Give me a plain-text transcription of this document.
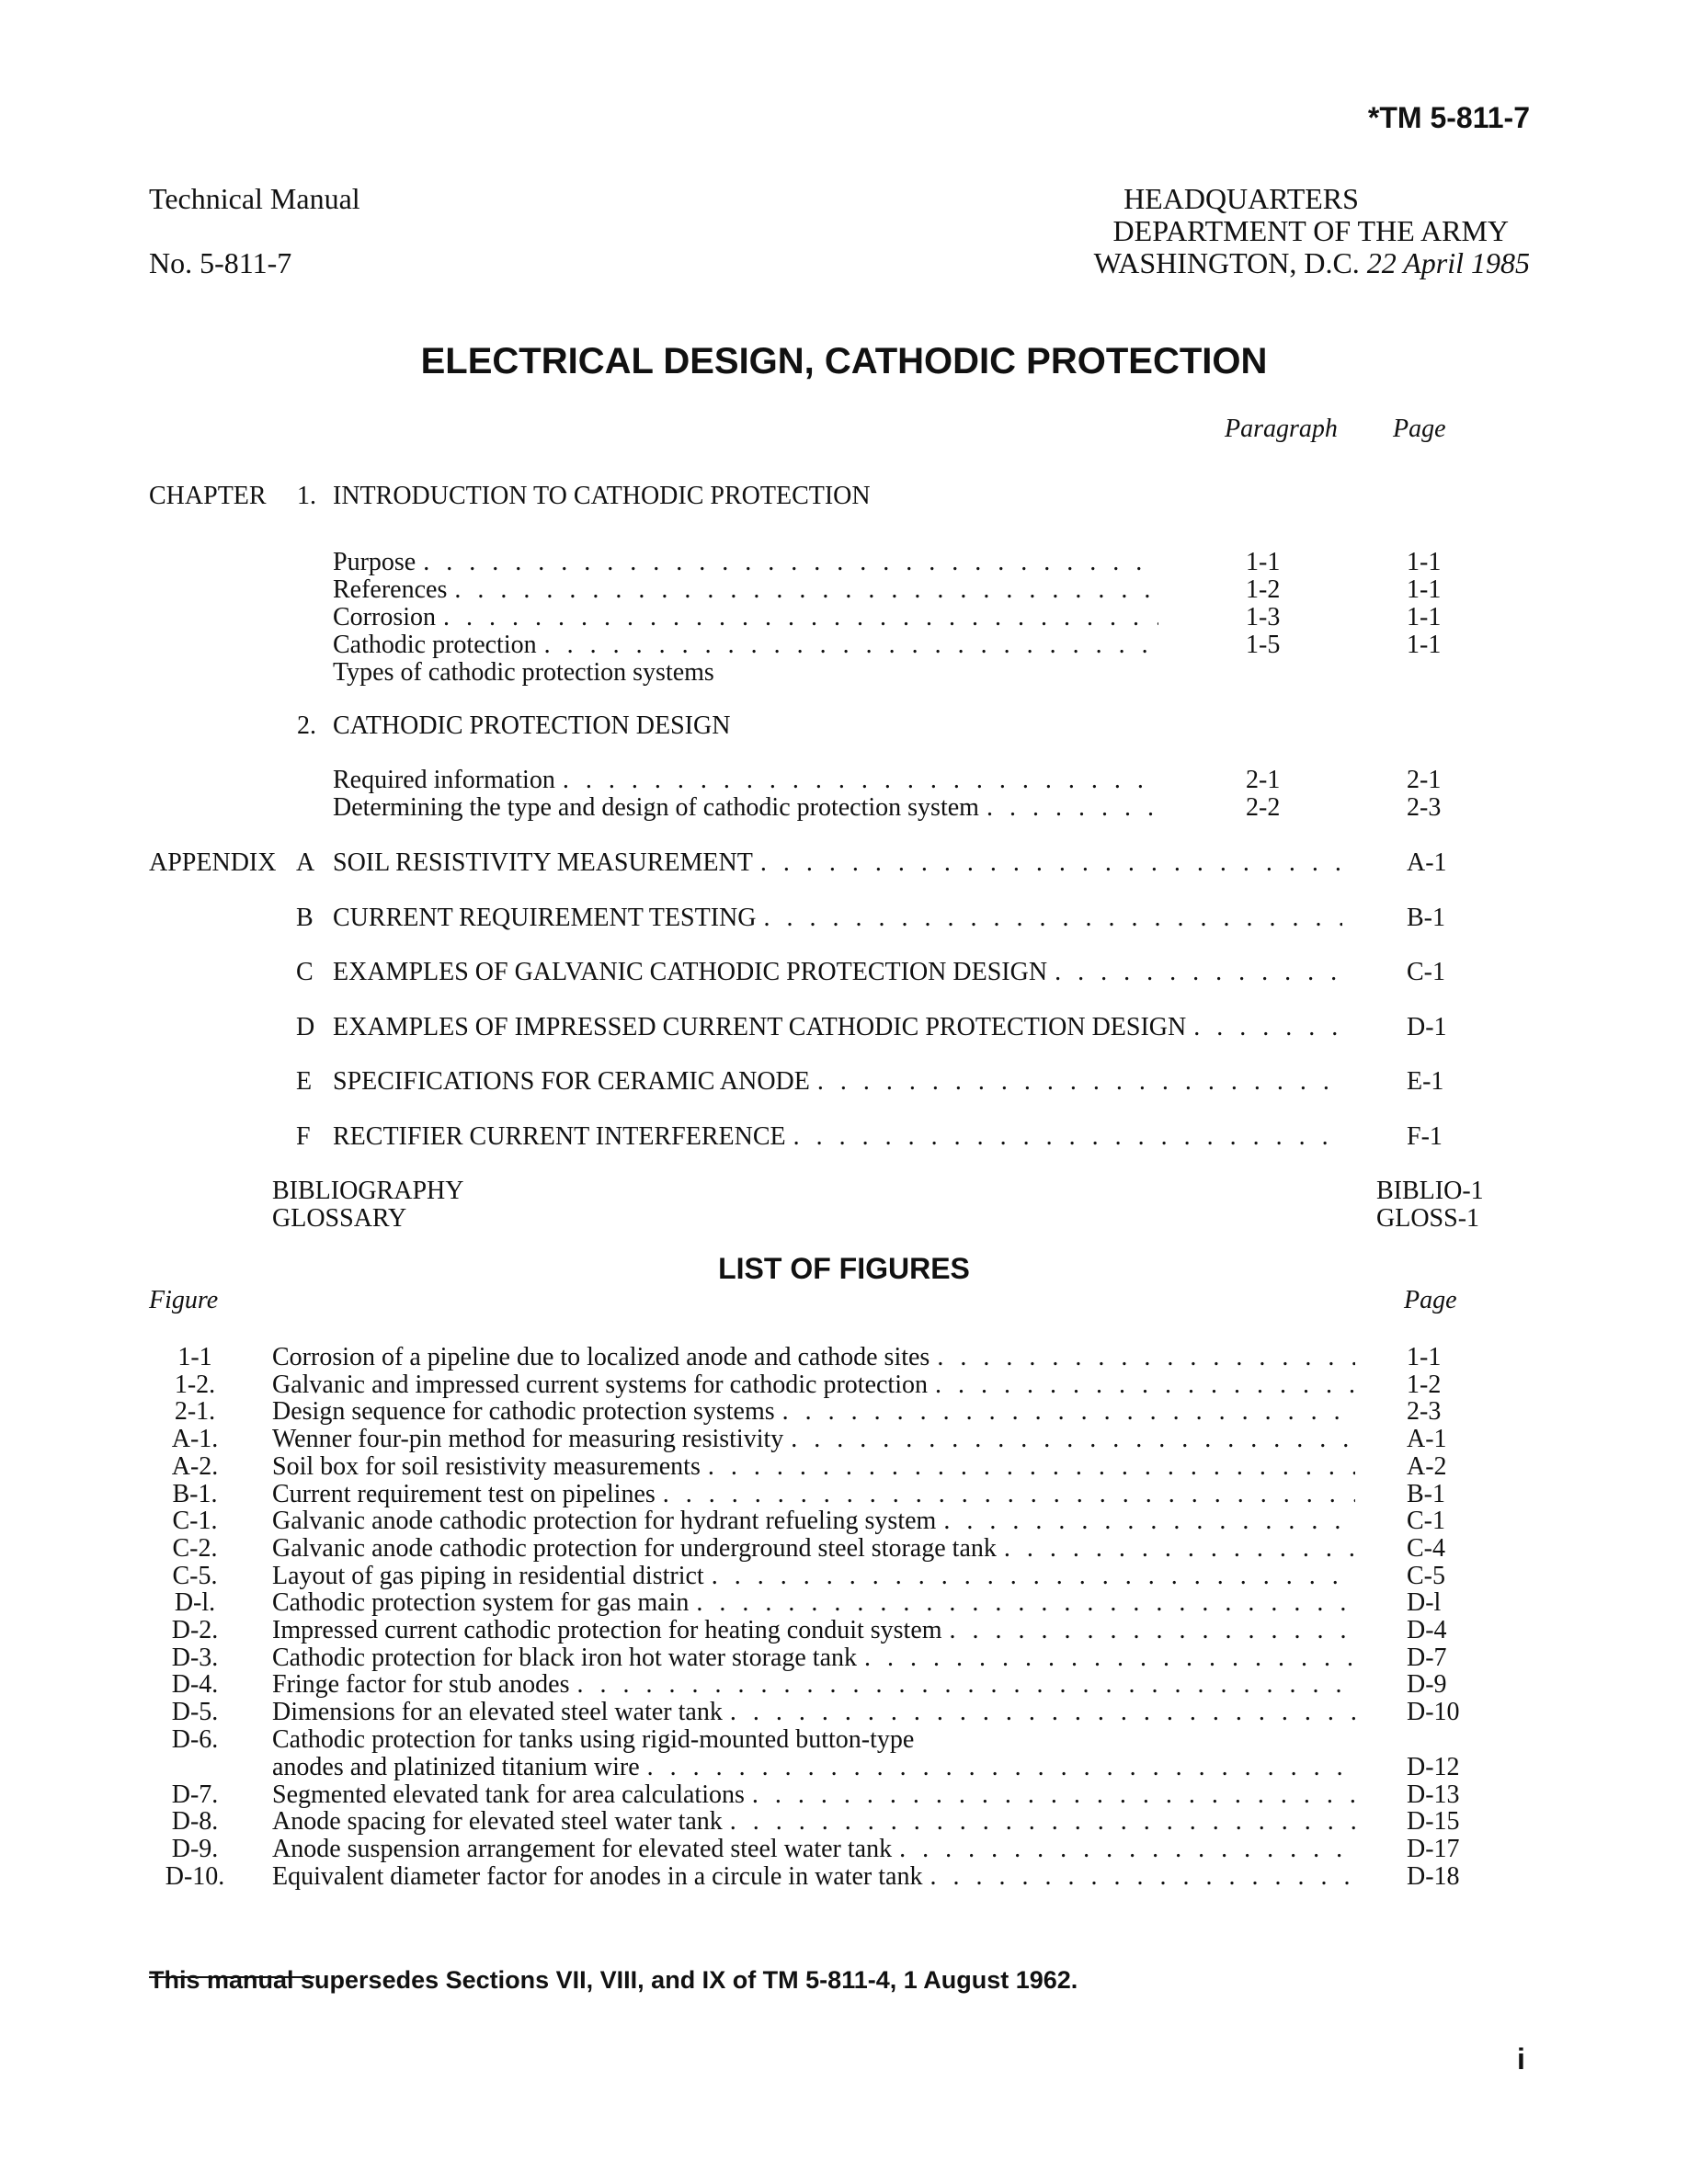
*TM 5-811-7
Technical Manual
No. 5-811-7
HEADQUARTERS
DEPARTMENT OF THE ARMY
WASHINGTON, D.C. 22 April 1985
ELECTRICAL DESIGN, CATHODIC PROTECTION
Paragraph Page
CHAPTER 1. INTRODUCTION TO CATHODIC PROTECTION
Purpose . . .	1-1	1-1
References . . .	1-2	1-1
Corrosion . . .	1-3	1-1
Cathodic protection . . .	1-5	1-1
Types of cathodic protection systems
2. CATHODIC PROTECTION DESIGN
Required information . . .	2-1	2-1
Determining the type and design of cathodic protection system . . .	2-2	2-3
APPENDIX A SOIL RESISTIVITY MEASUREMENT . . .	A-1
B CURRENT REQUIREMENT TESTING . . .	B-1
C EXAMPLES OF GALVANIC CATHODIC PROTECTION DESIGN . . .	C-1
D EXAMPLES OF IMPRESSED CURRENT CATHODIC PROTECTION DESIGN . . .	D-1
E SPECIFICATIONS FOR CERAMIC ANODE . . .	E-1
F RECTIFIER CURRENT INTERFERENCE . . .	F-1
BIBLIOGRAPHY	BIBLIO-1
GLOSSARY	GLOSS-1
LIST OF FIGURES
Figure	Page
1-1	Corrosion of a pipeline due to localized anode and cathode sites . . .	1-1
1-2.	Galvanic and impressed current systems for cathodic protection . . .	1-2
2-1.	Design sequence for cathodic protection systems . . .	2-3
A-1.	Wenner four-pin method for measuring resistivity . . .	A-1
A-2.	Soil box for soil resistivity measurements . . .	A-2
B-1.	Current requirement test on pipelines . . .	B-1
C-1.	Galvanic anode cathodic protection for hydrant refueling system . . .	C-1
C-2.	Galvanic anode cathodic protection for underground steel storage tank . . .	C-4
C-5.	Layout of gas piping in residential district . . .	C-5
D-l.	Cathodic protection system for gas main . . .	D-l
D-2.	Impressed current cathodic protection for heating conduit system . . .	D-4
D-3.	Cathodic protection for black iron hot water storage tank . . .	D-7
D-4.	Fringe factor for stub anodes . . .	D-9
D-5.	Dimensions for an elevated steel water tank . . .	D-10
D-6.	Cathodic protection for tanks using rigid-mounted button-type
anodes and platinized titanium wire . . .	D-12
D-7.	Segmented elevated tank for area calculations . . .	D-13
D-8.	Anode spacing for elevated steel water tank . . .	D-15
D-9.	Anode suspension arrangement for elevated steel water tank . . .	D-17
D-10.	Equivalent diameter factor for anodes in a circule in water tank . . .	D-18
This manual supersedes Sections VII, VIII, and IX of TM 5-811-4, 1 August 1962.
i
